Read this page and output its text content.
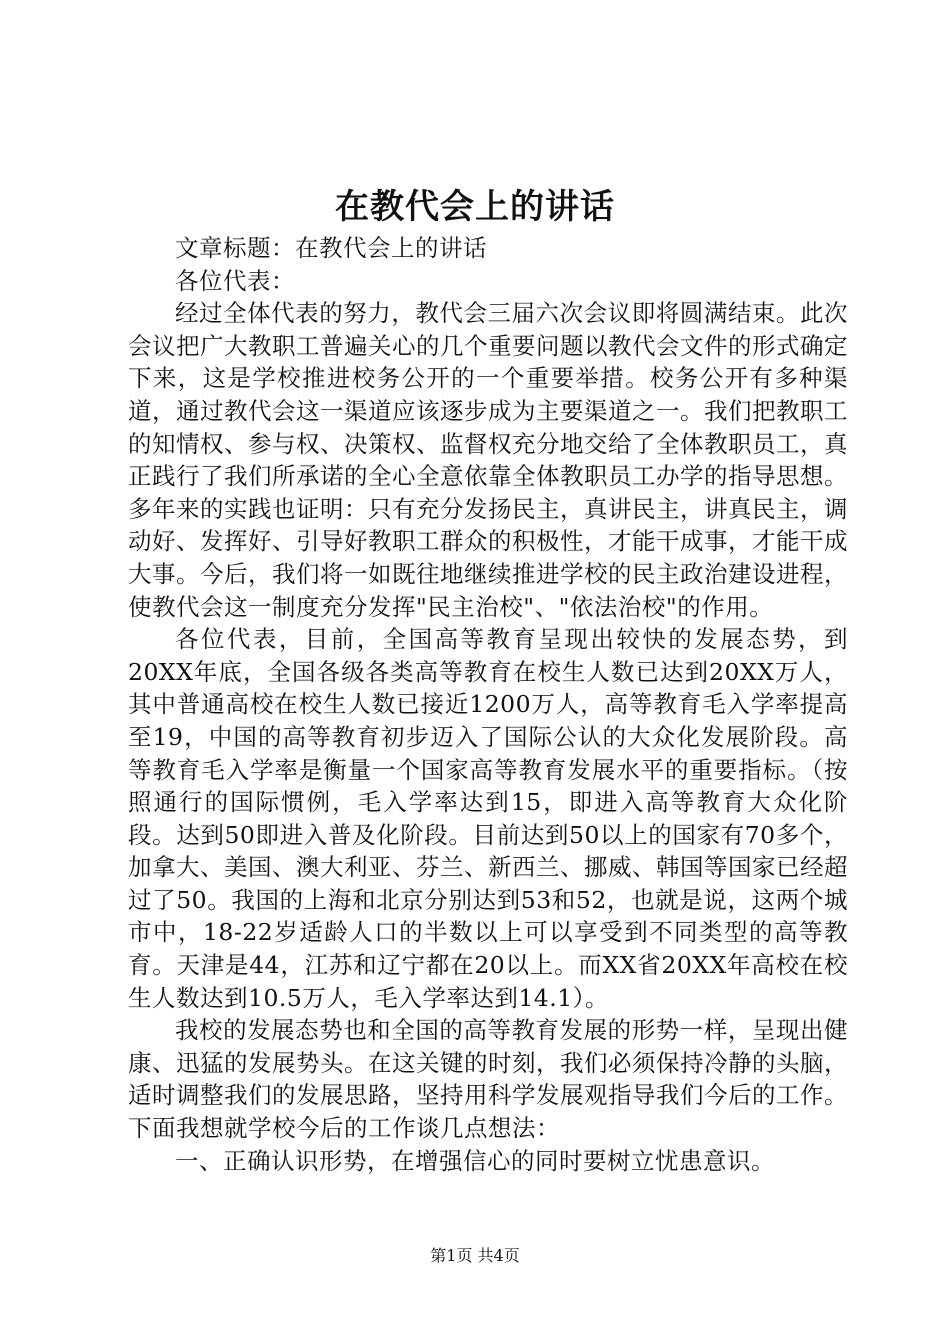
在教代会上的讲话

文章标题：在教代会上的讲话

各位代表：

经过全体代表的努力，教代会三届六次会议即将圆满结束。此次会议把广大教职工普遍关心的几个重要问题以教代会文件的形式确定下来，这是学校推进校务公开的一个重要举措。校务公开有多种渠道，通过教代会这一渠道应该逐步成为主要渠道之一。我们把教职工的知情权、参与权、决策权、监督权充分地交给了全体教职员工，真正践行了我们所承诺的全心全意依靠全体教职员工办学的指导思想。多年来的实践也证明：只有充分发扬民主，真讲民主，讲真民主，调动好、发挥好、引导好教职工群众的积极性，才能干成事，才能干成大事。今后，我们将一如既往地继续推进学校的民主政治建设进程，使教代会这一制度充分发挥"民主治校"、"依法治校"的作用。

各位代表，目前，全国高等教育呈现出较快的发展态势，到20XX年底，全国各级各类高等教育在校生人数已达到20XX万人，其中普通高校在校生人数已接近1200万人，高等教育毛入学率提高至19，中国的高等教育初步迈入了国际公认的大众化发展阶段。高等教育毛入学率是衡量一个国家高等教育发展水平的重要指标。（按照通行的国际惯例，毛入学率达到15，即进入高等教育大众化阶段。达到50即进入普及化阶段。目前达到50以上的国家有70多个，加拿大、美国、澳大利亚、芬兰、新西兰、挪威、韩国等国家已经超过了50。我国的上海和北京分别达到53和52，也就是说，这两个城市中，18-22岁适龄人口的半数以上可以享受到不同类型的高等教育。天津是44，江苏和辽宁都在20以上。而XX省20XX年高校在校生人数达到10.5万人，毛入学率达到14.1）。

我校的发展态势也和全国的高等教育发展的形势一样，呈现出健康、迅猛的发展势头。在这关键的时刻，我们必须保持冷静的头脑，适时调整我们的发展思路，坚持用科学发展观指导我们今后的工作。下面我想就学校今后的工作谈几点想法：

一、正确认识形势，在增强信心的同时要树立忧患意识。

第1页 共4页
